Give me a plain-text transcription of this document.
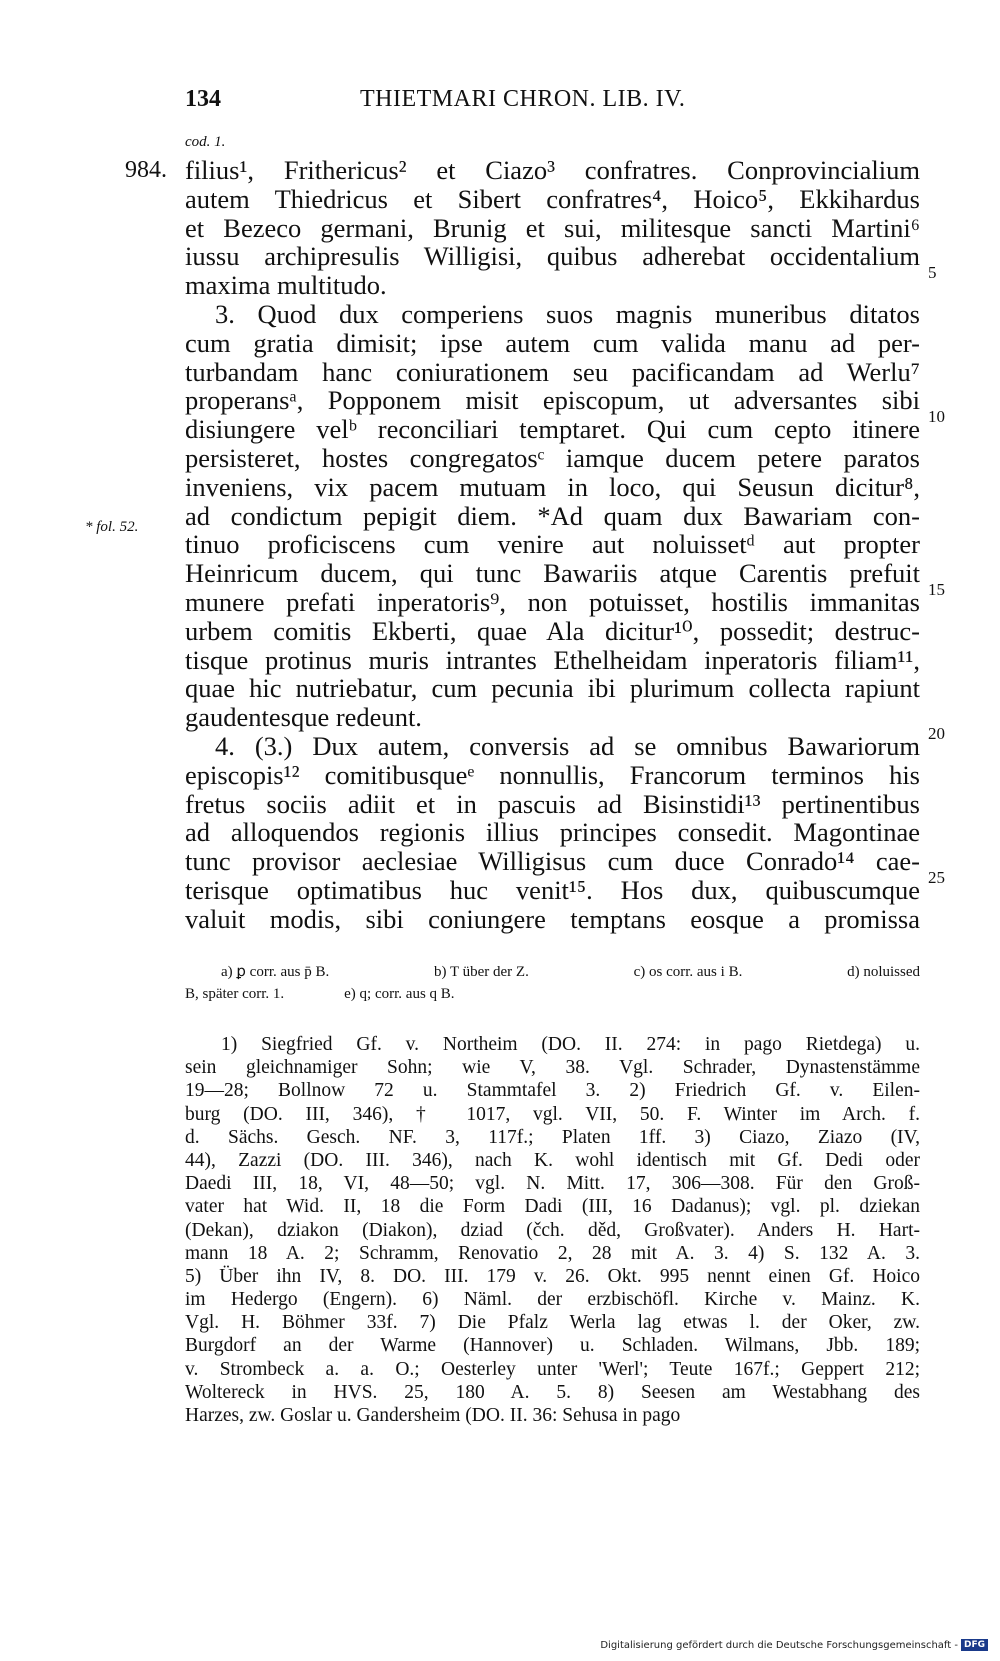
134	THIETMARI CHRON. LIB. IV.
cod. 1.
984.
* fol. 52.
5
10
15
20
25
filius¹, Frithericus² et Ciazo³ confratres. Conprovincialium
autem Thiedricus et Sibert confratres⁴, Hoico⁵, Ekkihardus
et Bezeco germani, Brunig et sui, militesque sancti Martini⁶
iussu archipresulis Willigisi, quibus adherebat occidentalium
maxima multitudo.
3. Quod dux comperiens suos magnis muneribus ditatos
cum gratia dimisit; ipse autem cum valida manu ad per-
turbandam hanc coniurationem seu pacificandam ad Werlu⁷
properansᵃ, Popponem misit episcopum, ut adversantes sibi
disiungere velᵇ reconciliari temptaret. Qui cum cepto itinere
persisteret, hostes congregatosᶜ iamque ducem petere paratos
inveniens, vix pacem mutuam in loco, qui Seusun dicitur⁸,
ad condictum pepigit diem. *Ad quam dux Bawariam con-
tinuo proficiscens cum venire aut noluissetᵈ aut propter
Heinricum ducem, qui tunc Bawariis atque Carentis prefuit
munere prefati inperatoris⁹, non potuisset, hostilis immanitas
urbem comitis Ekberti, quae Ala dicitur¹⁰, possedit; destruc-
tisque protinus muris intrantes Ethelheidam inperatoris filiam¹¹,
quae hic nutriebatur, cum pecunia ibi plurimum collecta rapiunt
gaudentesque redeunt.
4. (3.) Dux autem, conversis ad se omnibus Bawariorum
episcopis¹² comitibusqueᵉ nonnullis, Francorum terminos his
fretus sociis adiit et in pascuis ad Bisinstidi¹³ pertinentibus
ad alloquendos regionis illius principes consedit. Magontinae
tunc provisor aeclesiae Willigisus cum duce Conrado¹⁴ cae-
terisque optimatibus huc venit¹⁵. Hos dux, quibuscumque
valuit modis, sibi coniungere temptans eosque a promissa
a) ꝑ corr. aus p̄ B.	b) T über der Z.	c) os corr. aus i B.	d) noluissed
B, später corr. 1.	e) q; corr. aus q B.
1) Siegfried Gf. v. Northeim (DO. II. 274: in pago Rietdega) u.
sein gleichnamiger Sohn; wie V, 38. Vgl. Schrader, Dynastenstämme
19—28; Bollnow 72 u. Stammtafel 3. 2) Friedrich Gf. v. Eilen-
burg (DO. III, 346), † 1017, vgl. VII, 50. F. Winter im Arch. f.
d. Sächs. Gesch. NF. 3, 117f.; Platen 1ff. 3) Ciazo, Ziazo (IV,
44), Zazzi (DO. III. 346), nach K. wohl identisch mit Gf. Dedi oder
Daedi III, 18, VI, 48—50; vgl. N. Mitt. 17, 306—308. Für den Groß-
vater hat Wid. II, 18 die Form Dadi (III, 16 Dadanus); vgl. pl. dziekan
(Dekan), dziakon (Diakon), dziad (čch. děd, Großvater). Anders H. Hart-
mann 18 A. 2; Schramm, Renovatio 2, 28 mit A. 3. 4) S. 132 A. 3.
5) Über ihn IV, 8. DO. III. 179 v. 26. Okt. 995 nennt einen Gf. Hoico
im Hedergo (Engern). 6) Näml. der erzbischöfl. Kirche v. Mainz. K.
Vgl. H. Böhmer 33f. 7) Die Pfalz Werla lag etwas l. der Oker, zw.
Burgdorf an der Warme (Hannover) u. Schladen. Wilmans, Jbb. 189;
v. Strombeck a. a. O.; Oesterley unter 'Werl'; Teute 167f.; Geppert 212;
Woltereck in HVS. 25, 180 A. 5. 8) Seesen am Westabhang des
Harzes, zw. Goslar u. Gandersheim (DO. II. 36: Sehusa in pago
Digitalisierung gefördert durch die Deutsche Forschungsgemeinschaft - DFG
